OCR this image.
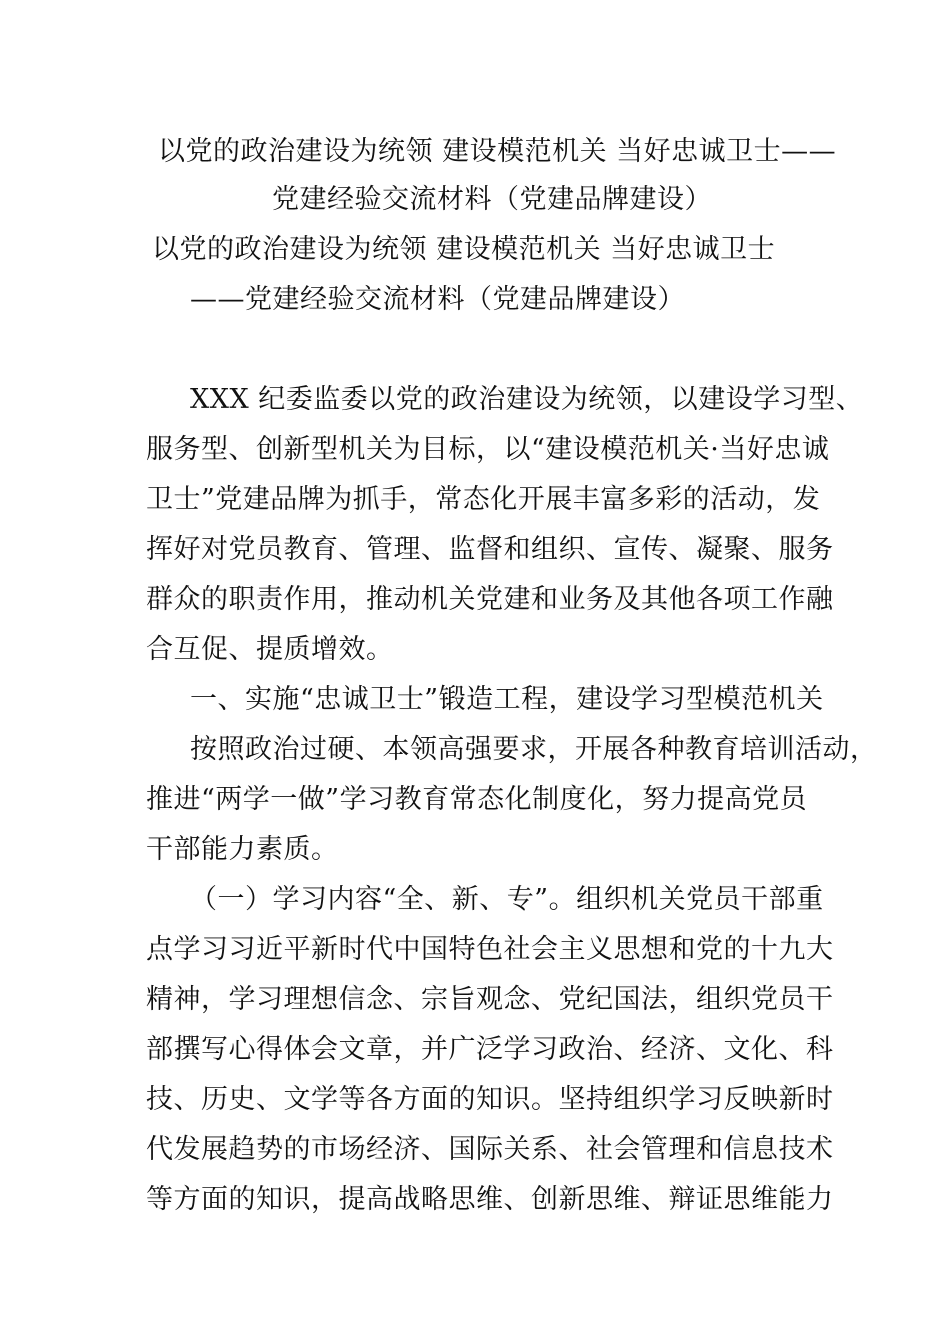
以党的政治建设为统领 建设模范机关 当好忠诚卫士——
党建经验交流材料（党建品牌建设）
以党的政治建设为统领 建设模范机关 当好忠诚卫士
——党建经验交流材料（党建品牌建设）
XXX 纪委监委以党的政治建设为统领，以建设学习型、
服务型、创新型机关为目标，以“建设模范机关·当好忠诚
卫士”党建品牌为抓手，常态化开展丰富多彩的活动，发
挥好对党员教育、管理、监督和组织、宣传、凝聚、服务
群众的职责作用，推动机关党建和业务及其他各项工作融
合互促、提质增效。
一、实施“忠诚卫士”锻造工程，建设学习型模范机关
按照政治过硬、本领高强要求，开展各种教育培训活动，
推进“两学一做”学习教育常态化制度化，努力提高党员
干部能力素质。
（一）学习内容“全、新、专”。组织机关党员干部重
点学习习近平新时代中国特色社会主义思想和党的十九大
精神，学习理想信念、宗旨观念、党纪国法，组织党员干
部撰写心得体会文章，并广泛学习政治、经济、文化、科
技、历史、文学等各方面的知识。坚持组织学习反映新时
代发展趋势的市场经济、国际关系、社会管理和信息技术
等方面的知识，提高战略思维、创新思维、辩证思维能力
